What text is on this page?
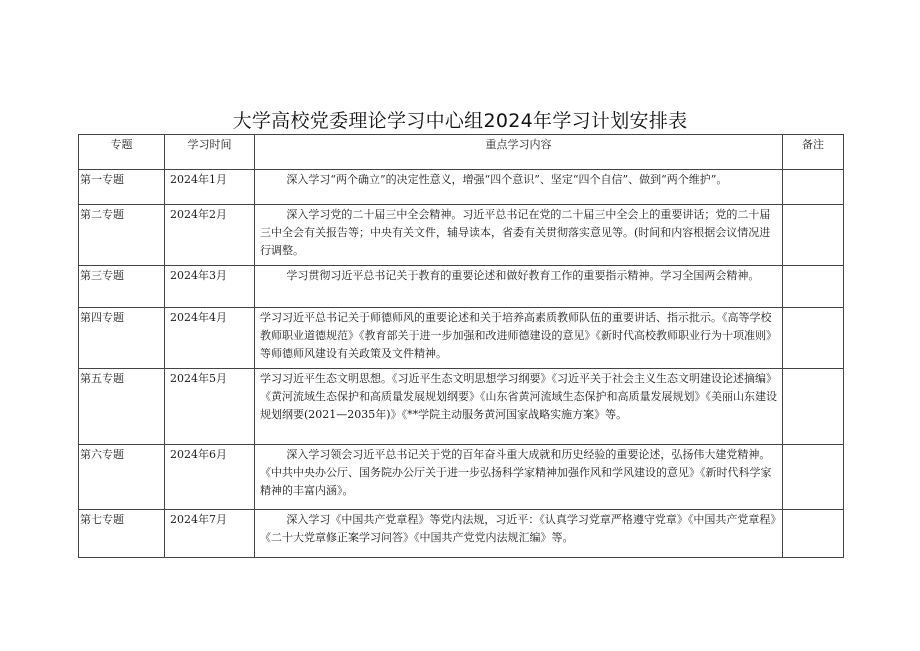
大学高校党委理论学习中心组2024年学习计划安排表
专题	学习时间	重点学习内容	备注
第一专题	2024年1月	深入学习“两个确立”的决定性意义，增强“四个意识”、坚定“四个自信”、做到“两个维护”。	
第二专题	2024年2月	深入学习党的二十届三中全会精神。习近平总书记在党的二十届三中全会上的重要讲话；党的二十届三中全会有关报告等；中央有关文件，辅导读本，省委有关贯彻落实意见等。(时间和内容根据会议情况进行调整。	
第三专题	2024年3月	学习贯彻习近平总书记关于教育的重要论述和做好教育工作的重要指示精神。学习全国两会精神。	
第四专题	2024年4月	学习习近平总书记关于师德师风的重要论述和关于培养高素质教师队伍的重要讲话、指示批示。《高等学校教师职业道德规范》《教育部关于进一步加强和改进师德建设的意见》《新时代高校教师职业行为十项准则》等师德师风建设有关政策及文件精神。	
第五专题	2024年5月	学习习近平生态文明思想。《习近平生态文明思想学习纲要》《习近平关于社会主义生态文明建设论述摘编》《黄河流域生态保护和高质量发展规划纲要》《山东省黄河流域生态保护和高质量发展规划》《美丽山东建设规划纲要(2021—2035年)》《**学院主动服务黄河国家战略实施方案》等。	
第六专题	2024年6月	深入学习领会习近平总书记关于党的百年奋斗重大成就和历史经验的重要论述，弘扬伟大建党精神。《中共中央办公厅、国务院办公厅关于进一步弘扬科学家精神加强作风和学风建设的意见》《新时代科学家精神的丰富内涵》。	
第七专题	2024年7月	深入学习《中国共产党章程》等党内法规，习近平：《认真学习党章严格遵守党章》《中国共产党章程》《二十大党章修正案学习问答》《中国共产党党内法规汇编》等。	
